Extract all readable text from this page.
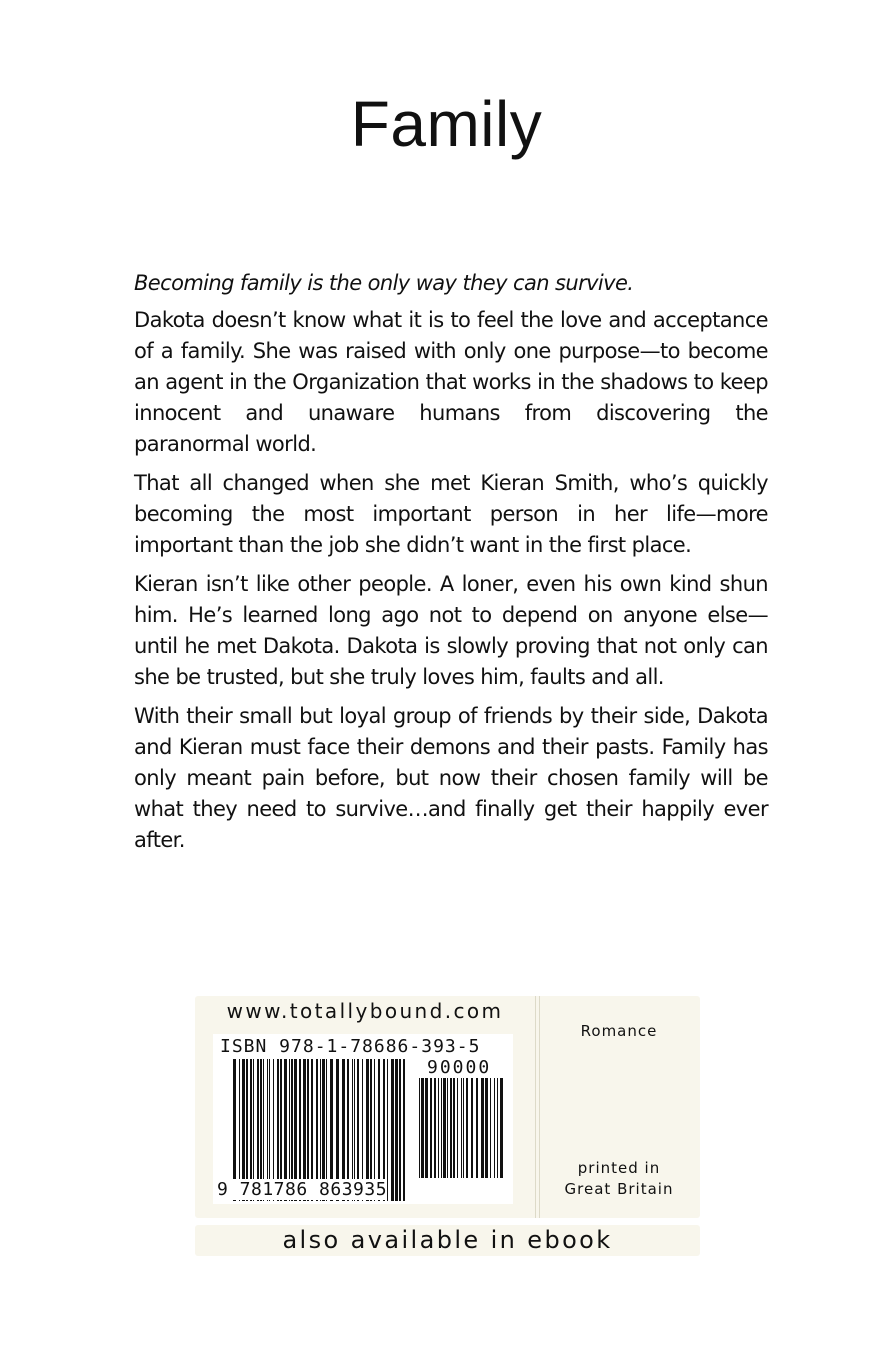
Family

Becoming family is the only way they can survive.

Dakota doesn’t know what it is to feel the love and acceptance of a family. She was raised with only one purpose—to become an agent in the Organization that works in the shadows to keep innocent and unaware humans from discovering the paranormal world.

That all changed when she met Kieran Smith, who’s quickly becoming the most important person in her life—more important than the job she didn’t want in the first place.

Kieran isn’t like other people. A loner, even his own kind shun him. He’s learned long ago not to depend on anyone else—until he met Dakota. Dakota is slowly proving that not only can she be trusted, but she truly loves him, faults and all.

With their small but loyal group of friends by their side, Dakota and Kieran must face their demons and their pasts. Family has only meant pain before, but now their chosen family will be what they need to survive…and finally get their happily ever after.

www.totallybound.com
ISBN 978-1-78686-393-5
90000
9 781786 863935
Romance
printed in
Great Britain
also available in ebook
